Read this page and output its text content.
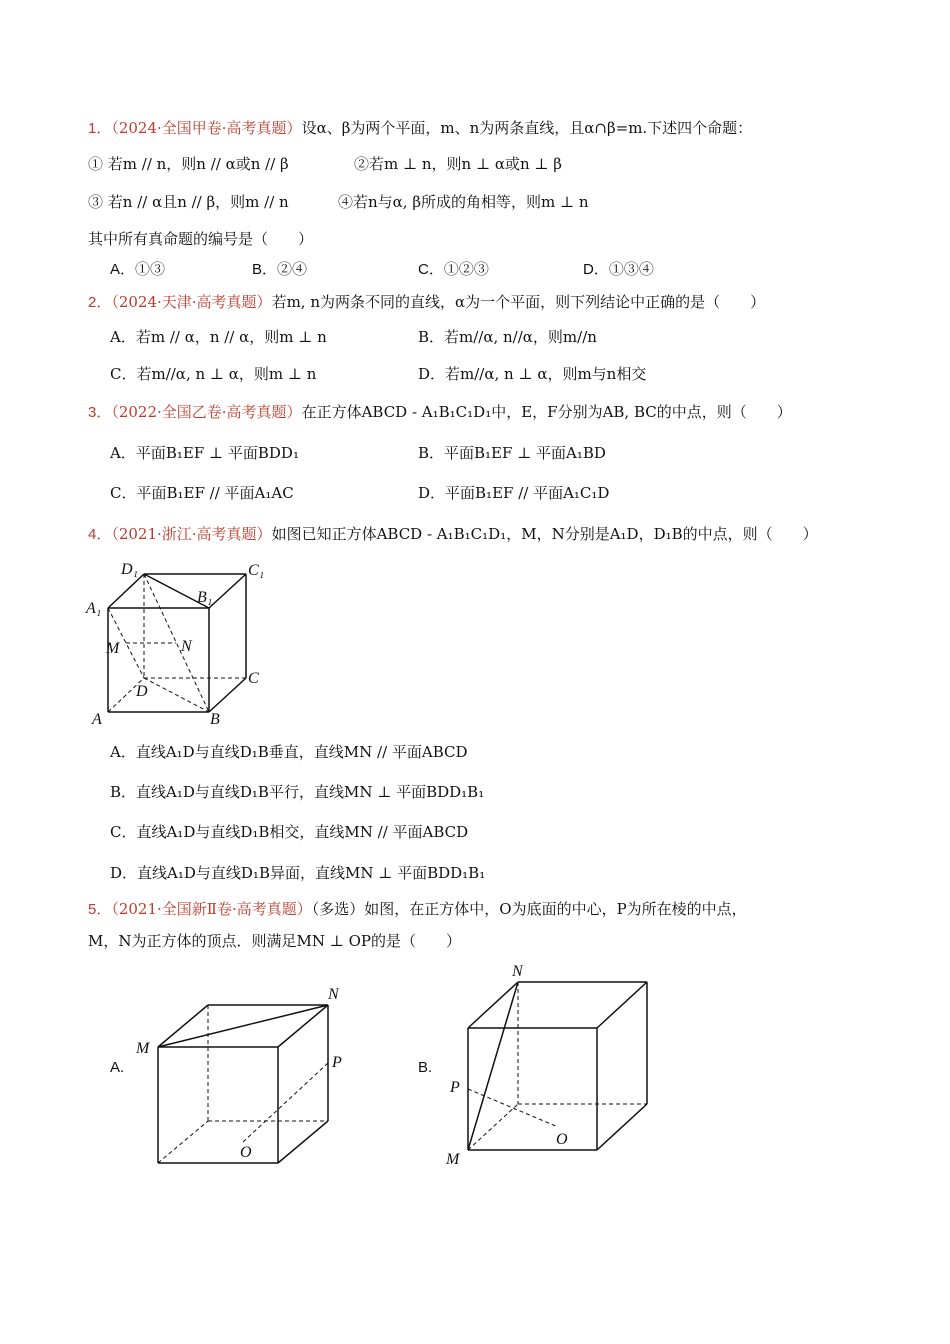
1．（2024·全国甲卷·高考真题）设α、β为两个平面，m、n为两条直线，且α∩β=m.下述四个命题：
① 若m // n，则n // α或n // β	②若m ⊥ n，则n ⊥ α或n ⊥ β
③ 若n // α且n // β，则m // n	④若n与α, β所成的角相等，则m ⊥ n
其中所有真命题的编号是（　　）
A．①③	B．②④	C．①②③	D．①③④
2．（2024·天津·高考真题）若m, n为两条不同的直线，α为一个平面，则下列结论中正确的是（　　）
A．若m // α，n // α，则m ⊥ n	B．若m//α, n//α，则m//n
C．若m//α, n ⊥ α，则m ⊥ n	D．若m//α, n ⊥ α，则m与n相交
3．（2022·全国乙卷·高考真题）在正方体ABCD - A₁B₁C₁D₁中，E，F分别为AB, BC的中点，则（　　）
A．平面B₁EF ⊥ 平面BDD₁	B．平面B₁EF ⊥ 平面A₁BD
C．平面B₁EF // 平面A₁AC	D．平面B₁EF // 平面A₁C₁D
4．（2021·浙江·高考真题）如图已知正方体ABCD - A₁B₁C₁D₁，M，N分别是A₁D，D₁B的中点，则（　　）
D₁	C₁
B₁
A₁
M	N
D
C
A	B
A．直线A₁D与直线D₁B垂直，直线MN // 平面ABCD
B．直线A₁D与直线D₁B平行，直线MN ⊥ 平面BDD₁B₁
C．直线A₁D与直线D₁B相交，直线MN // 平面ABCD
D．直线A₁D与直线D₁B异面，直线MN ⊥ 平面BDD₁B₁
5．（2021·全国新Ⅱ卷·高考真题）（多选）如图，在正方体中，O为底面的中心，P为所在棱的中点，
M，N为正方体的顶点．则满足MN ⊥ OP的是（　　）
A.
M
N
P
O
B.
N
P
O
M
